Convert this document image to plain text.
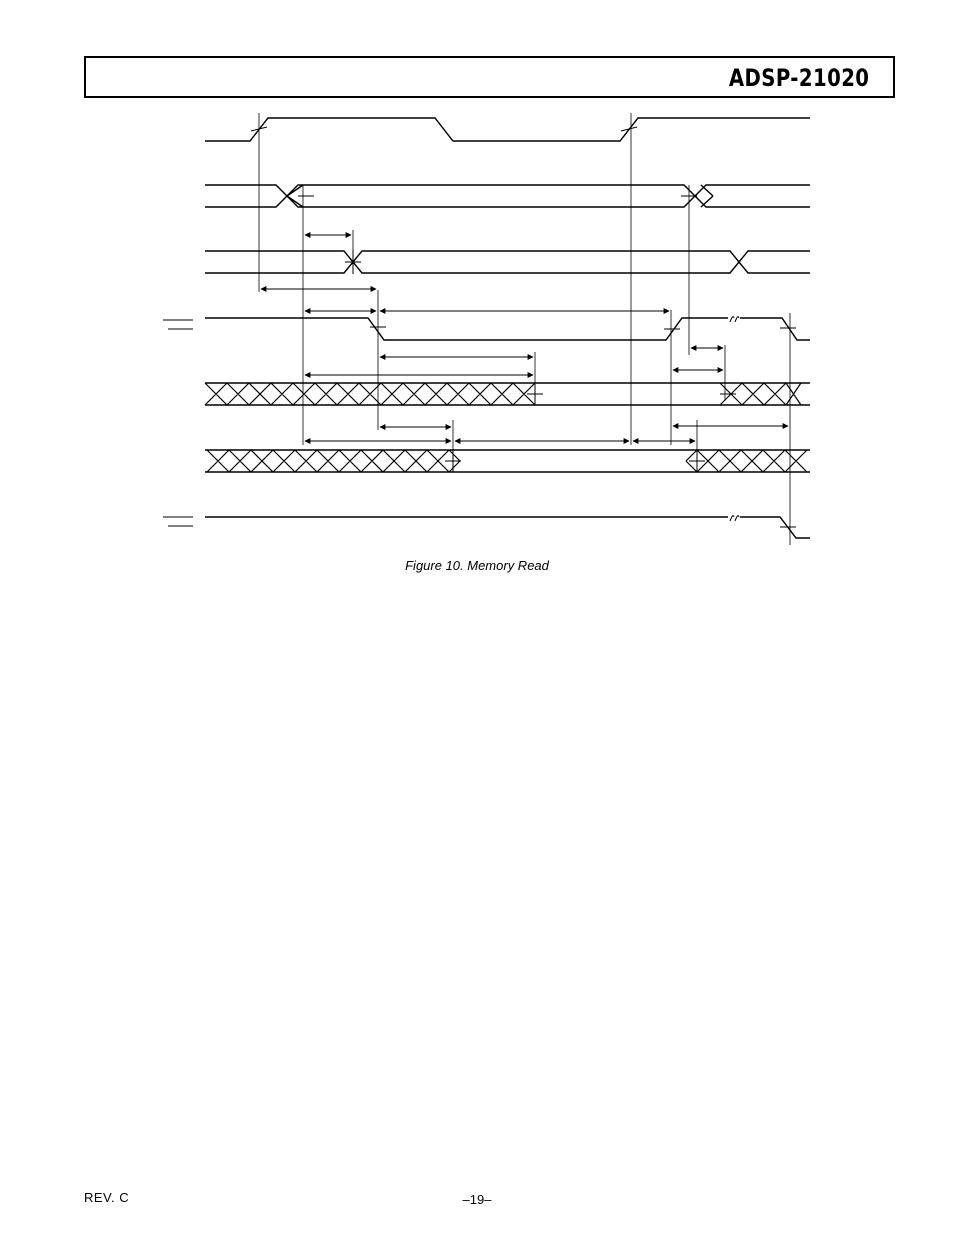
ADSP-21020
Figure 10. Memory Read
REV. C	–19–
